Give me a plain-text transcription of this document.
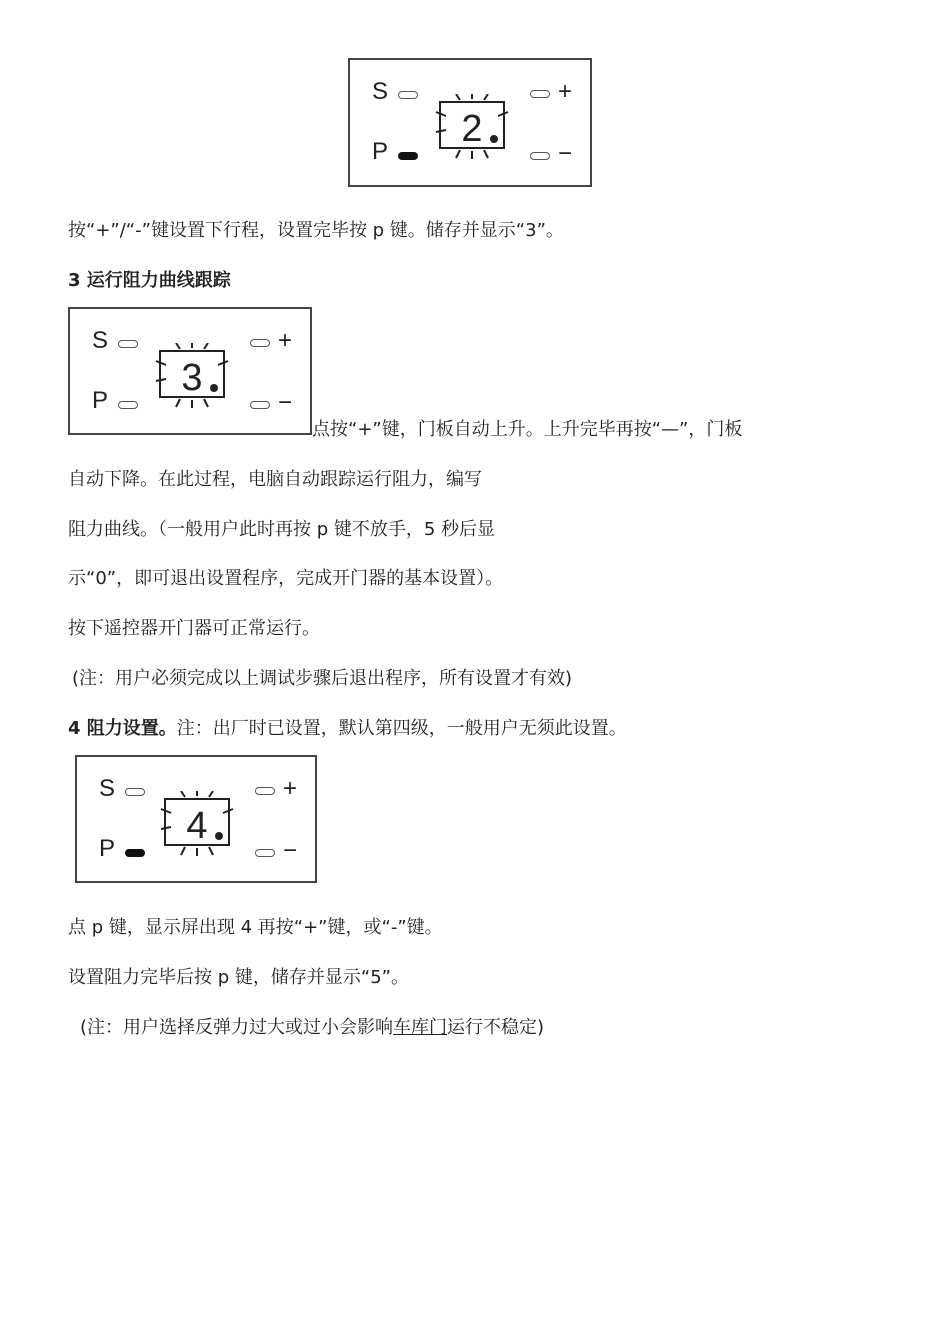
S
P
+
−
2

按“+”/“-”键设置下行程，设置完毕按 p 键。储存并显示“3”。

3 运行阻力曲线跟踪

S
P
+
−
3

点按“+”键，门板自动上升。上升完毕再按“—”，门板

自动下降。在此过程，电脑自动跟踪运行阻力，编写

阻力曲线。（一般用户此时再按 p 键不放手，5 秒后显

示“0”，即可退出设置程序，完成开门器的基本设置）。

按下遥控器开门器可正常运行。

(注：用户必须完成以上调试步骤后退出程序，所有设置才有效)

4 阻力设置。注：出厂时已设置，默认第四级，一般用户无须此设置。

S
P
+
−
4

点 p 键，显示屏出现 4 再按“+”键，或“-”键。

设置阻力完毕后按 p 键，储存并显示“5”。

(注：用户选择反弹力过大或过小会影响车库门运行不稳定)
